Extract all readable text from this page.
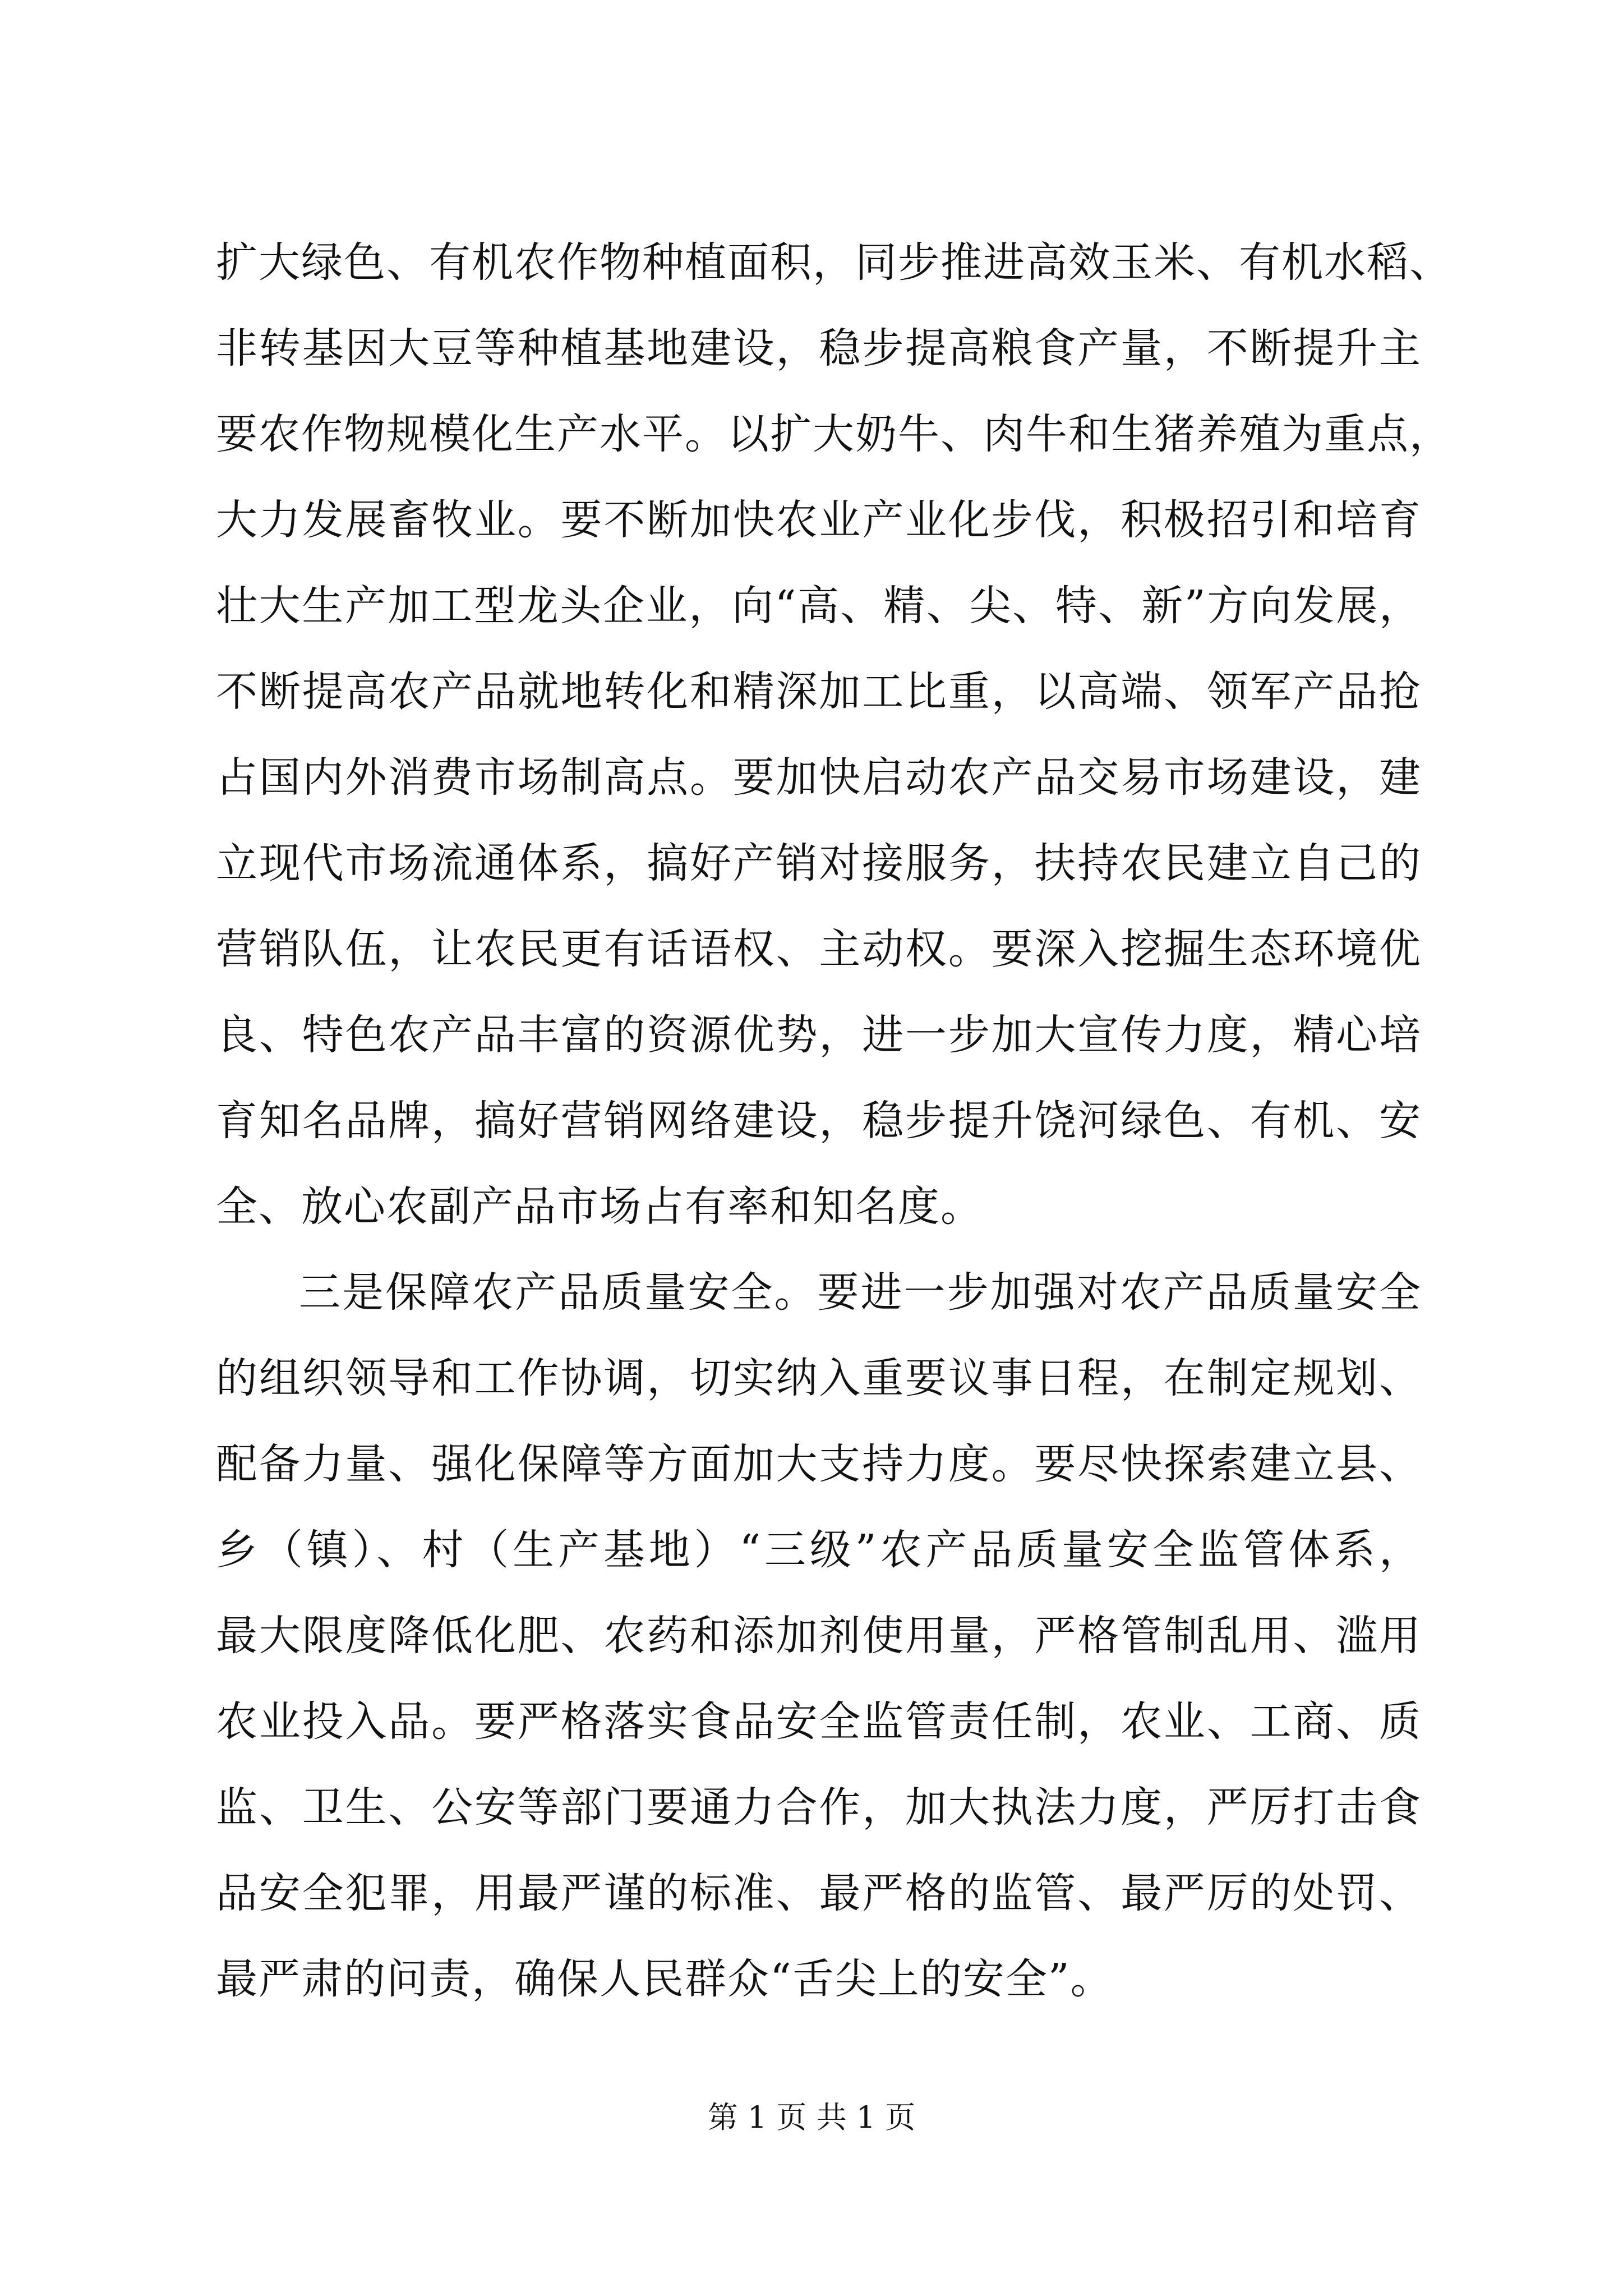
扩大绿色、有机农作物种植面积，同步推进高效玉米、有机水稻、
非转基因大豆等种植基地建设，稳步提高粮食产量，不断提升主
要农作物规模化生产水平。以扩大奶牛、肉牛和生猪养殖为重点，
大力发展畜牧业。要不断加快农业产业化步伐，积极招引和培育
壮大生产加工型龙头企业，向“高、精、尖、特、新”方向发展，
不断提高农产品就地转化和精深加工比重，以高端、领军产品抢
占国内外消费市场制高点。要加快启动农产品交易市场建设，建
立现代市场流通体系，搞好产销对接服务，扶持农民建立自己的
营销队伍，让农民更有话语权、主动权。要深入挖掘生态环境优
良、特色农产品丰富的资源优势，进一步加大宣传力度，精心培
育知名品牌，搞好营销网络建设，稳步提升饶河绿色、有机、安
全、放心农副产品市场占有率和知名度。
三是保障农产品质量安全。要进一步加强对农产品质量安全
的组织领导和工作协调，切实纳入重要议事日程，在制定规划、
配备力量、强化保障等方面加大支持力度。要尽快探索建立县、
乡（镇）、村（生产基地）“三级”农产品质量安全监管体系，
最大限度降低化肥、农药和添加剂使用量，严格管制乱用、滥用
农业投入品。要严格落实食品安全监管责任制，农业、工商、质
监、卫生、公安等部门要通力合作，加大执法力度，严厉打击食
品安全犯罪，用最严谨的标准、最严格的监管、最严厉的处罚、
最严肃的问责，确保人民群众“舌尖上的安全”。
第 1 页 共 1 页
